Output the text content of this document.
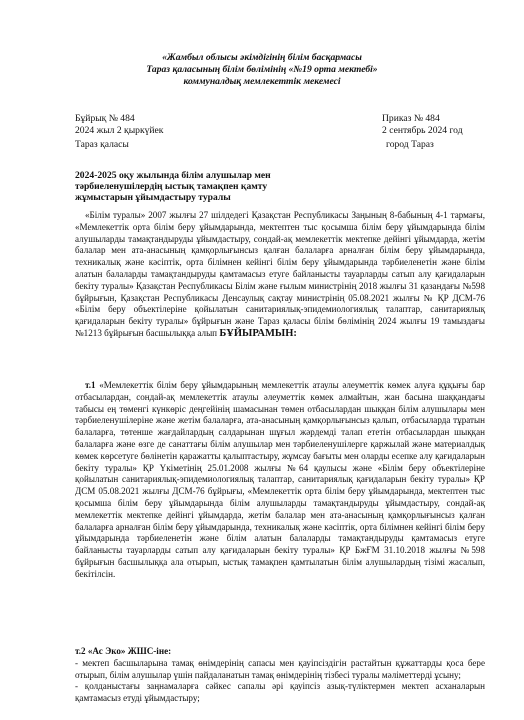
«Жамбыл облысы әкімдігінің білім басқармасы
Тараз қаласының білім бөлімінің «№19 орта мектебі»
коммуналдық мемлекеттік мекемесі
Бұйрық № 484
2024 жыл 2 қыркүйек
Тараз қаласы
Приказ № 484
2 сентябрь 2024 год
город Тараз
2024-2025 оқу жылында білім алушылар мен
тәрбиеленушілердің ыстық тамақпен қамту
жұмыстарын ұйымдастыру туралы
«Білім туралы» 2007 жылғы 27 шілдедегі Қазақстан Республикасы Заңының 8-бабының 4-1 тармағы, «Мемлекеттік орта білім беру ұйымдарында, мектептен тыс қосымша білім беру ұйымдарында білім алушыларды тамақтандыруды ұйымдастыру, сондай-ақ мемлекеттік мектепке дейінгі ұйымдарда, жетім балалар мен ата-анасының қамқорлығынсыз қалған балаларға арналған білім беру ұйымдарында, техникалық және кәсіптік, орта білімнен кейінгі білім беру ұйымдарында тәрбиеленетін және білім алатын балаларды тамақтандыруды қамтамасыз етуге байланысты тауарларды сатып алу қағидаларын бекіту туралы» Қазақстан Республикасы Білім және ғылым министрінің 2018 жылғы 31 қазандағы №598 бұйрығын, Қазақстан Республикасы Денсаулық сақтау министрінің 05.08.2021 жылғы № ҚР ДСМ-76 «Білім беру объектілеріне қойылатын санитариялық-эпидемиологиялық талаптар, санитариялық қағидаларын бекіту туралы» бұйрығын және Тараз қаласы білім бөлімінің 2024 жылғы 19 тамыздағы №1213 бұйрығын басшылыққа алып БҰЙЫРАМЫН:
т.1 «Мемлекеттік білім беру ұйымдарының мемлекеттік атаулы әлеуметтік көмек алуға құқығы бар отбасылардан, сондай-ақ мемлекеттік атаулы әлеуметтік көмек алмайтын, жан басына шаққандағы табысы ең төменгі күнкөріс деңгейінің шамасынан төмен отбасылардан шыққан білім алушылары мен тәрбиеленушілеріне және жетім балаларға, ата-анасының қамқорлығынсыз қалып, отбасыларда тұратын балаларға, төтенше жағдайлардың салдарынан шұғыл жәрдемді талап ететін отбасылардан шыққан балаларға және өзге де санаттағы білім алушылар мен тәрбиеленушілерге қаржылай және материалдық көмек көрсетуге бөлінетін қаражатты қалыптастыру, жұмсау бағыты мен оларды есепке алу қағидаларын бекіту туралы» ҚР Үкіметінің 25.01.2008 жылғы №64 қаулысы және «Білім беру объектілеріне қойылатын санитариялық-эпидемиологиялық талаптар, санитариялық қағидаларын бекіту туралы» ҚР ДСМ 05.08.2021 жылғы ДСМ-76 бұйрығы, «Мемлекеттік орта білім беру ұйымдарында, мектептен тыс қосымша білім беру ұйымдарында білім алушыларды тамақтандыруды ұйымдастыру, сондай-ақ мемлекеттік мектепке дейінгі ұйымдарда, жетім балалар мен ата-анасының қамқорлығынсыз қалған балаларға арналған білім беру ұйымдарында, техникалық және кәсіптік, орта білімнен кейінгі білім беру ұйымдарында тәрбиеленетін және білім алатын балаларды тамақтандыруды қамтамасыз етуге байланысты тауарларды сатып алу қағидаларын бекіту туралы» ҚР БжҒМ 31.10.2018 жылғы №598 бұйрығын басшылыққа ала отырып, ыстық тамақпен қамтылатын білім алушылардың тізімі жасалып, бекітілсін.
т.2 «Ас Эко» ЖШС-іне:
- мектеп басшыларына тамақ өнімдерінің сапасы мен қауіпсіздігін растайтын құжаттарды қоса бере отырып, білім алушылар үшін пайдаланатын тамақ өнімдерінің тізбесі туралы мәліметтерді ұсыну;
- қолданыстағы заңнамаларға сәйкес сапалы әрі қауіпсіз азық-түліктермен мектеп асханаларын қамтамасыз етуді ұйымдастыру;
